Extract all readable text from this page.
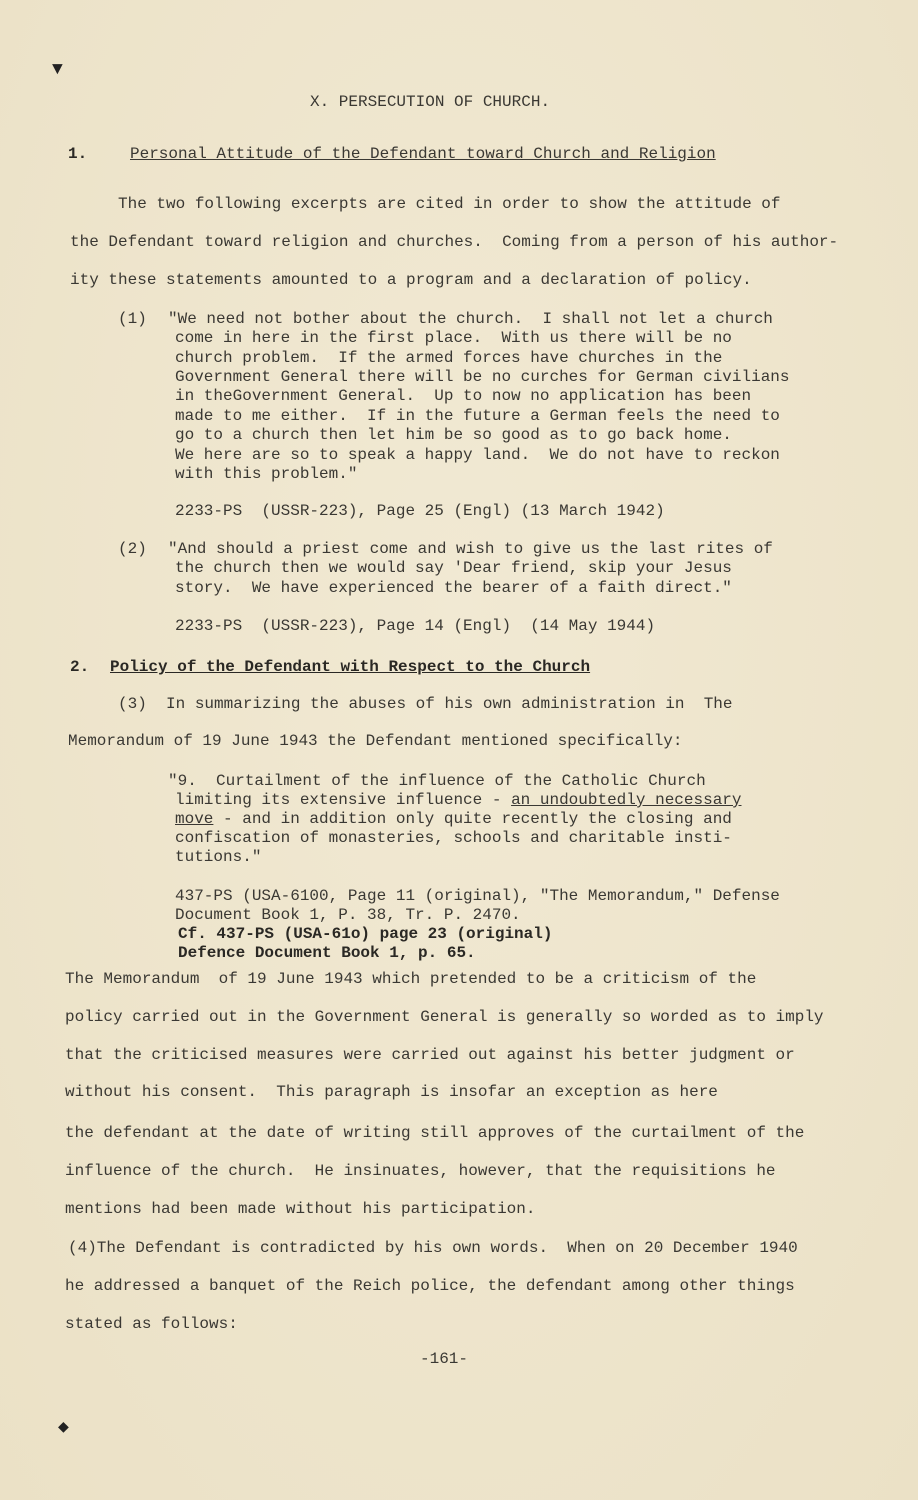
▼
◆
X. PERSECUTION OF CHURCH.
1.	Personal Attitude of the Defendant toward Church and Religion
The two following excerpts are cited in order to show the attitude of
the Defendant toward religion and churches.  Coming from a person of his author-
ity these statements amounted to a program and a declaration of policy.
(1) "We need not bother about the church.  I shall not let a church
come in here in the first place.  With us there will be no
church problem.  If the armed forces have churches in the
Government General there will be no curches for German civilians
in theGovernment General.  Up to now no application has been
made to me either.  If in the future a German feels the need to
go to a church then let him be so good as to go back home.
We here are so to speak a happy land.  We do not have to reckon
with this problem."
2233-PS  (USSR-223), Page 25 (Engl) (13 March 1942)
(2) "And should a priest come and wish to give us the last rites of
the church then we would say 'Dear friend, skip your Jesus
story.  We have experienced the bearer of a faith direct."
2233-PS  (USSR-223), Page 14 (Engl)  (14 May 1944)
2. Policy of the Defendant with Respect to the Church
(3)  In summarizing the abuses of his own administration in  The
Memorandum of 19 June 1943 the Defendant mentioned specifically:
"9.  Curtailment of the influence of the Catholic Church
limiting its extensive influence - an undoubtedly necessary
move - and in addition only quite recently the closing and
confiscation of monasteries, schools and charitable insti-
tutions."
437-PS (USA-6100, Page 11 (original), "The Memorandum," Defense
Document Book 1, P. 38, Tr. P. 2470.
Cf. 437-PS (USA-61o) page 23 (original)
Defence Document Book 1, p. 65.
The Memorandum  of 19 June 1943 which pretended to be a criticism of the
policy carried out in the Government General is generally so worded as to imply
that the criticised measures were carried out against his better judgment or
without his consent.  This paragraph is insofar an exception as here
the defendant at the date of writing still approves of the curtailment of the
influence of the church.  He insinuates, however, that the requisitions he
mentions had been made without his participation.
(4)The Defendant is contradicted by his own words.  When on 20 December 1940
he addressed a banquet of the Reich police, the defendant among other things
stated as follows:
-161-
